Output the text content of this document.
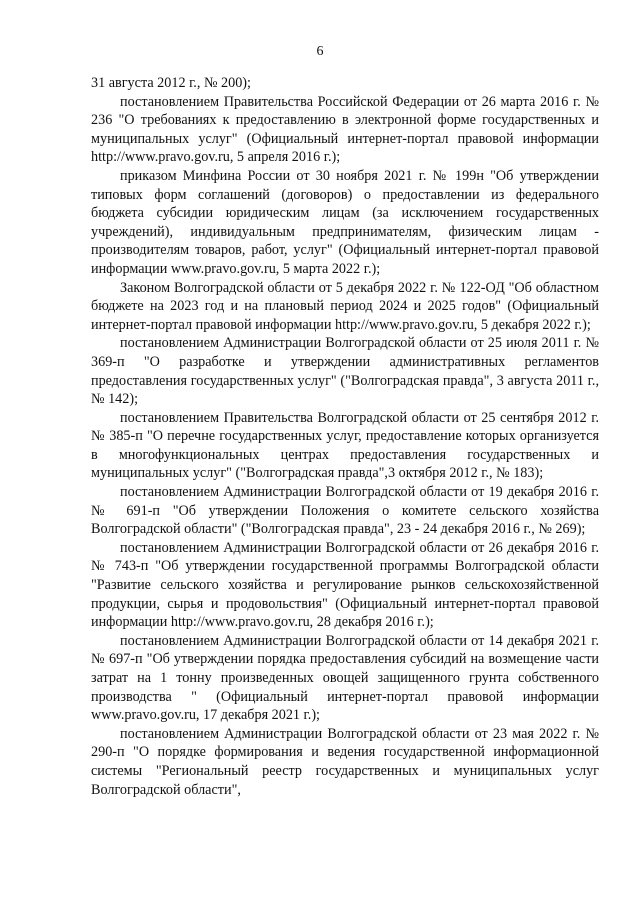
6

31 августа 2012 г., № 200);

постановлением Правительства Российской Федерации от 26 марта 2016 г. № 236 "О требованиях к предоставлению в электронной форме государственных и муниципальных услуг" (Официальный интернет-портал правовой информации http://www.pravo.gov.ru, 5 апреля 2016 г.);

приказом Минфина России от 30 ноября 2021 г. № 199н "Об утверждении типовых форм соглашений (договоров) о предоставлении из федерального бюджета субсидии юридическим лицам (за исключением государственных учреждений), индивидуальным предпринимателям, физическим лицам - производителям товаров, работ, услуг" (Официальный интернет-портал правовой информации www.pravo.gov.ru, 5 марта 2022 г.);

Законом Волгоградской области от 5 декабря 2022 г. № 122-ОД "Об областном бюджете на 2023 год и на плановый период 2024 и 2025 годов" (Официальный интернет-портал правовой информации http://www.pravo.gov.ru, 5 декабря 2022 г.);

постановлением Администрации Волгоградской области от 25 июля 2011 г. № 369-п "О разработке и утверждении административных регламентов предоставления государственных услуг" ("Волгоградская правда", 3 августа 2011 г., № 142);

постановлением Правительства Волгоградской области от 25 сентября 2012 г. № 385-п "О перечне государственных услуг, предоставление которых организуется в многофункциональных центрах предоставления государственных и муниципальных услуг" ("Волгоградская правда",3 октября 2012 г., № 183);

постановлением Администрации Волгоградской области от 19 декабря 2016 г. № 691-п "Об утверждении Положения о комитете сельского хозяйства Волгоградской области" ("Волгоградская правда", 23 - 24 декабря 2016 г., № 269);

постановлением Администрации Волгоградской области от 26 декабря 2016 г. № 743-п "Об утверждении государственной программы Волгоградской области "Развитие сельского хозяйства и регулирование рынков сельскохозяйственной продукции, сырья и продовольствия" (Официальный интернет-портал правовой информации http://www.pravo.gov.ru, 28 декабря 2016 г.);

постановлением Администрации Волгоградской области от 14 декабря 2021 г. № 697-п "Об утверждении порядка предоставления субсидий на возмещение части затрат на 1 тонну произведенных овощей защищенного грунта собственного производства " (Официальный интернет-портал правовой информации www.pravo.gov.ru, 17 декабря 2021 г.);

постановлением Администрации Волгоградской области от 23 мая 2022 г. № 290-п "О порядке формирования и ведения государственной информационной системы "Региональный реестр государственных и муниципальных услуг Волгоградской области",
